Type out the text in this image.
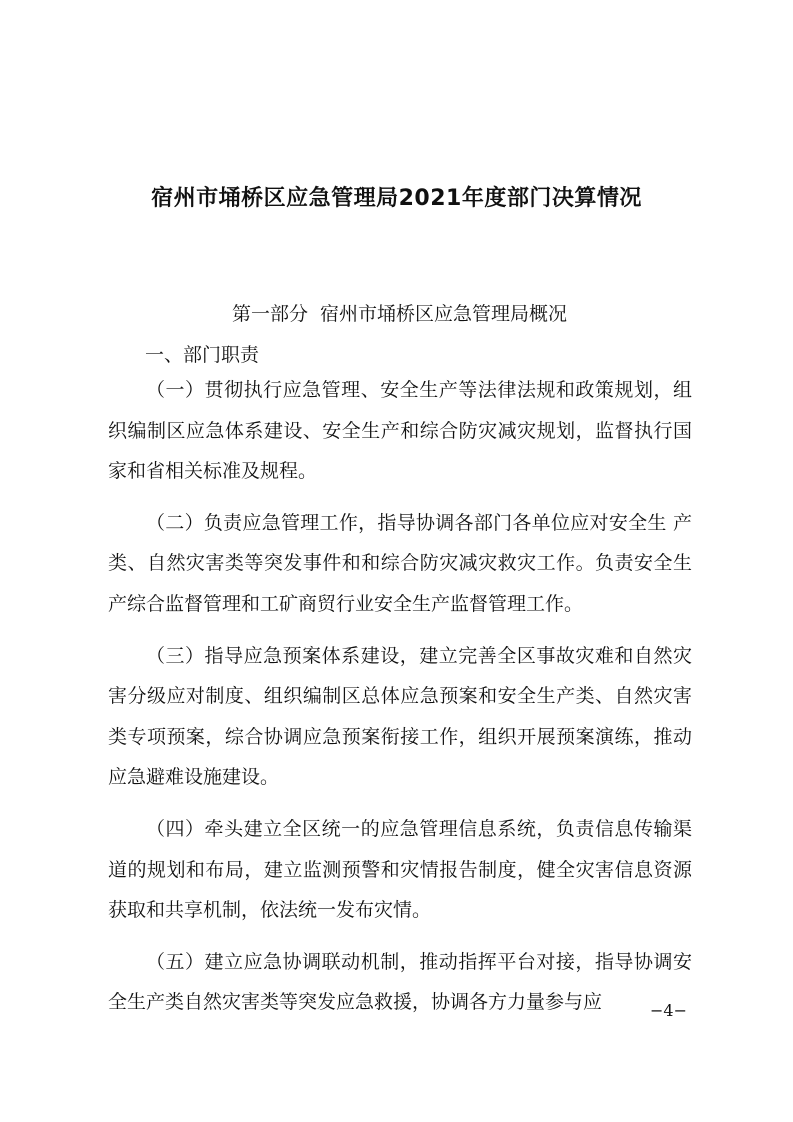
宿州市埇桥区应急管理局2021年度部门决算情况
第一部分 宿州市埇桥区应急管理局概况
一、部门职责

（一）贯彻执行应急管理、安全生产等法律法规和政策规划，组织编制区应急体系建设、安全生产和综合防灾减灾规划，监督执行国家和省相关标准及规程。

（二）负责应急管理工作，指导协调各部门各单位应对安全生 产类、自然灾害类等突发事件和和综合防灾减灾救灾工作。负责安全生产综合监督管理和工矿商贸行业安全生产监督管理工作。

（三）指导应急预案体系建设，建立完善全区事故灾难和自然灾害分级应对制度、组织编制区总体应急预案和安全生产类、自然灾害类专项预案，综合协调应急预案衔接工作，组织开展预案演练，推动应急避难设施建设。

（四）牵头建立全区统一的应急管理信息系统，负责信息传输渠道的规划和布局，建立监测预警和灾情报告制度，健全灾害信息资源获取和共享机制，依法统一发布灾情。

（五）建立应急协调联动机制，推动指挥平台对接，指导协调安全生产类自然灾害类等突发应急救援，协调各方力量参与应	−4−
